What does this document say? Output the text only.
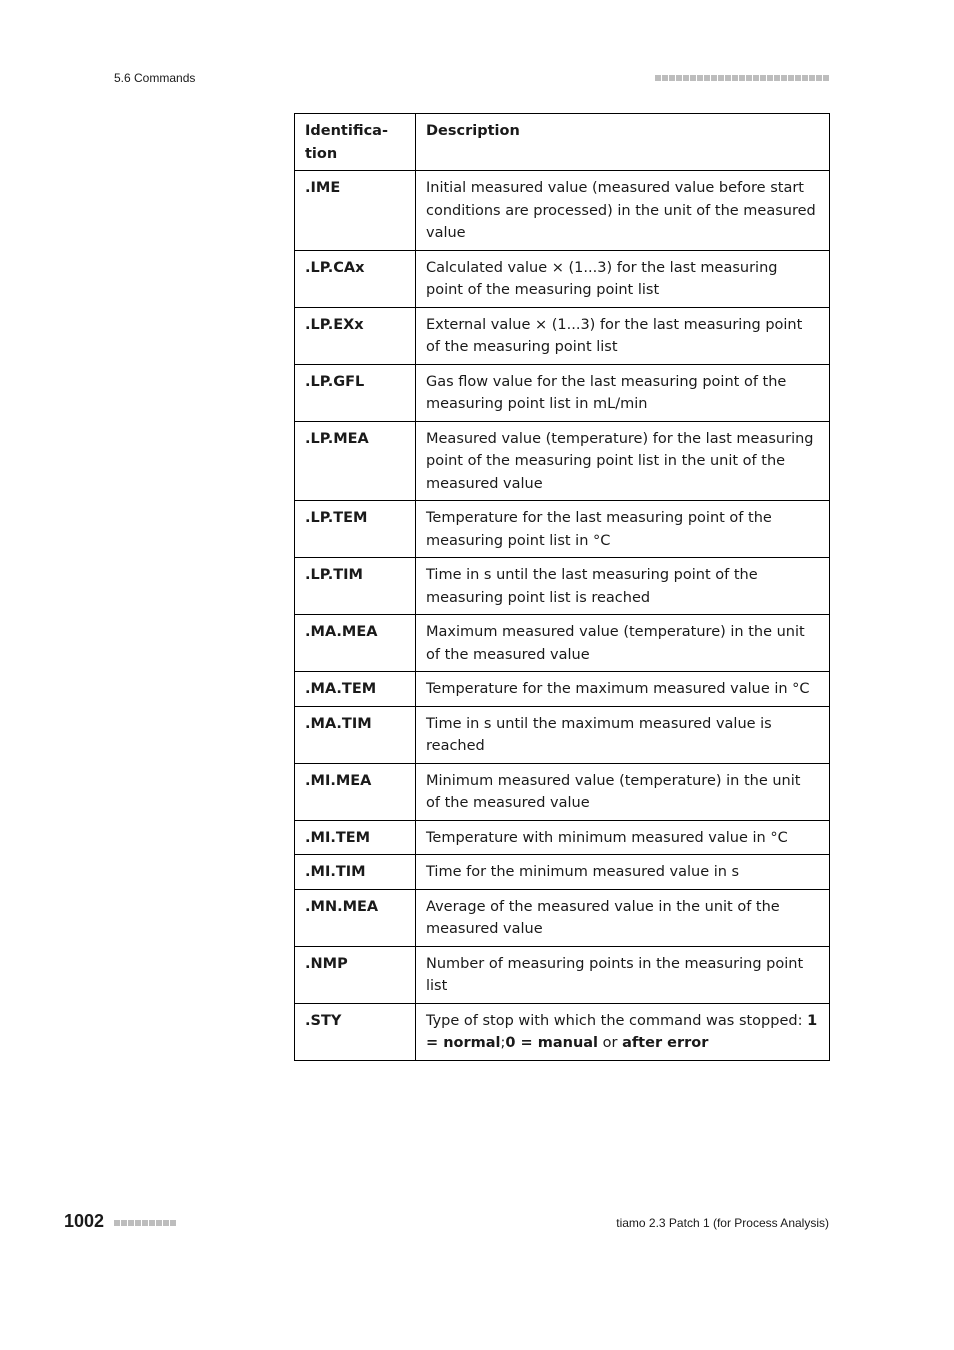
5.6 Commands
Identifica-
tion	Description
.IME	Initial measured value (measured value before start conditions are processed) in the unit of the measured value
.LP.CAx	Calculated value × (1...3) for the last measuring point of the measuring point list
.LP.EXx	External value × (1...3) for the last measuring point of the measuring point list
.LP.GFL	Gas flow value for the last measuring point of the measuring point list in mL/min
.LP.MEA	Measured value (temperature) for the last measuring point of the measuring point list in the unit of the measured value
.LP.TEM	Temperature for the last measuring point of the measuring point list in °C
.LP.TIM	Time in s until the last measuring point of the measuring point list is reached
.MA.MEA	Maximum measured value (temperature) in the unit of the measured value
.MA.TEM	Temperature for the maximum measured value in °C
.MA.TIM	Time in s until the maximum measured value is reached
.MI.MEA	Minimum measured value (temperature) in the unit of the measured value
.MI.TEM	Temperature with minimum measured value in °C
.MI.TIM	Time for the minimum measured value in s
.MN.MEA	Average of the measured value in the unit of the measured value
.NMP	Number of measuring points in the measuring point list
.STY	Type of stop with which the command was stopped: 1 = normal;0 = manual or after error
1002	tiamo 2.3 Patch 1 (for Process Analysis)
